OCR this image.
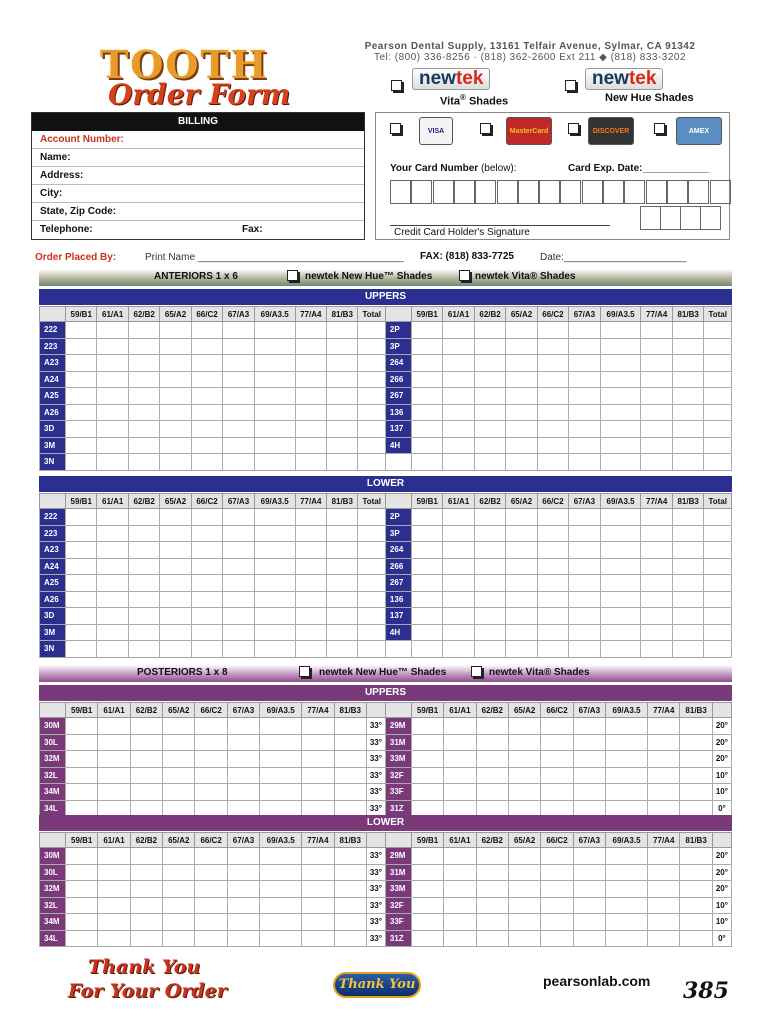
TOOTH
Order Form
Pearson Dental Supply, 13161 Telfair Avenue, Sylmar, CA 91342
Tel: (800) 336-8256 · (818) 362-2600 Ext 211 ◆ (818) 833-3202
newtek
Vita® Shades
newtek
New Hue Shades
BILLING
Account Number:
Name:
Address:
City:
State, Zip Code:
Telephone:	Fax:
VISA	MasterCard	DISCOVER	AMEX
Your Card Number (below):	Card Exp. Date:____________
Credit Card Holder's Signature
Order Placed By:	Print Name _____________________________________ FAX: (818) 833-7725	Date:______________________
ANTERIORS 1 x 6	newtek New Hue™ Shades	newtek Vita® Shades
UPPERS
	59/B1	61/A1	62/B2	65/A2	66/C2	67/A3	69/A3.5	77/A4	81/B3	Total		59/B1	61/A1	62/B2	65/A2	66/C2	67/A3	69/A3.5	77/A4	81/B3	Total
222											2P										
223											3P										
A23											264										
A24											266										
A25											267										
A26											136										
3D											137										
3M											4H										
3N																					
LOWER
	59/B1	61/A1	62/B2	65/A2	66/C2	67/A3	69/A3.5	77/A4	81/B3	Total		59/B1	61/A1	62/B2	65/A2	66/C2	67/A3	69/A3.5	77/A4	81/B3	Total
222											2P										
223											3P										
A23											264										
A24											266										
A25											267										
A26											136										
3D											137										
3M											4H										
3N																					
POSTERIORS 1 x 8	newtek New Hue™ Shades	newtek Vita® Shades
UPPERS
	59/B1	61/A1	62/B2	65/A2	66/C2	67/A3	69/A3.5	77/A4	81/B3			59/B1	61/A1	62/B2	65/A2	66/C2	67/A3	69/A3.5	77/A4	81/B3	
30M										33°	29M										20°
30L										33°	31M										20°
32M										33°	33M										20°
32L										33°	32F										10°
34M										33°	33F										10°
34L										33°	31Z										0°
LOWER
	59/B1	61/A1	62/B2	65/A2	66/C2	67/A3	69/A3.5	77/A4	81/B3			59/B1	61/A1	62/B2	65/A2	66/C2	67/A3	69/A3.5	77/A4	81/B3	
30M										33°	29M										20°
30L										33°	31M										20°
32M										33°	33M										20°
32L										33°	32F										10°
34M										33°	33F										10°
34L										33°	31Z										0°
Thank You
For Your Order	Thank You	pearsonlab.com 385
